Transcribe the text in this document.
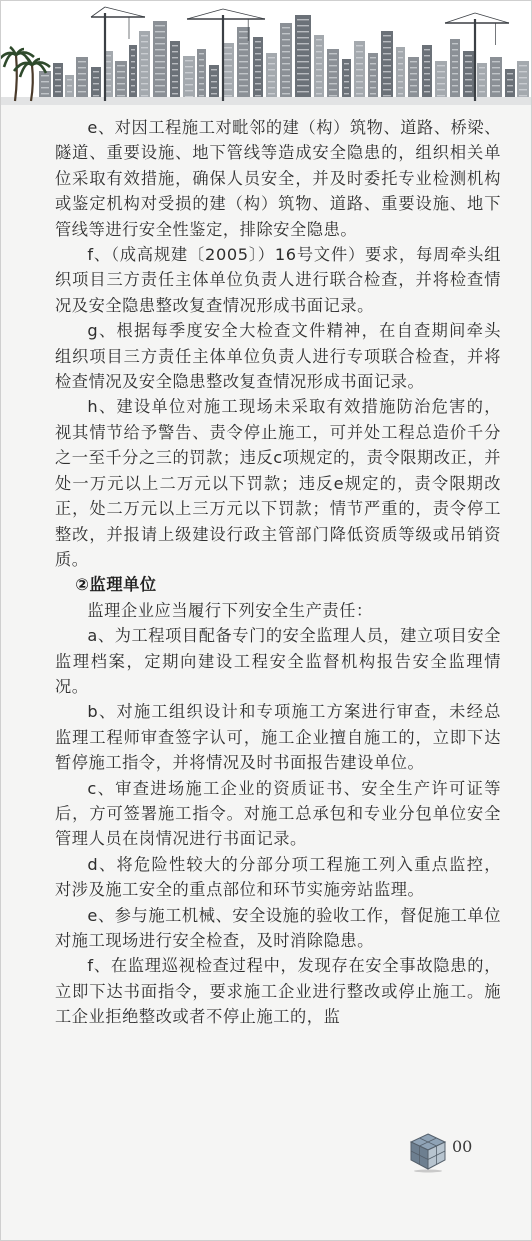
e、对因工程施工对毗邻的建（构）筑物、道路、桥梁、隧道、重要设施、地下管线等造成安全隐患的，组织相关单位采取有效措施，确保人员安全，并及时委托专业检测机构或鉴定机构对受损的建（构）筑物、道路、重要设施、地下管线等进行安全性鉴定，排除安全隐患。

f、（成高规建〔2005〕）16号文件）要求，每周牵头组织项目三方责任主体单位负责人进行联合检查，并将检查情况及安全隐患整改复查情况形成书面记录。

g、根据每季度安全大检查文件精神，在自查期间牵头组织项目三方责任主体单位负责人进行专项联合检查，并将检查情况及安全隐患整改复查情况形成书面记录。

h、建设单位对施工现场未采取有效措施防治危害的，视其情节给予警告、责令停止施工，可并处工程总造价千分之一至千分之三的罚款；违反c项规定的，责令限期改正，并处一万元以上二万元以下罚款；违反e规定的，责令限期改正，处二万元以上三万元以下罚款；情节严重的，责令停工整改，并报请上级建设行政主管部门降低资质等级或吊销资质。

②监理单位

监理企业应当履行下列安全生产责任：

a、为工程项目配备专门的安全监理人员，建立项目安全监理档案，定期向建设工程安全监督机构报告安全监理情况。

b、对施工组织设计和专项施工方案进行审查，未经总监理工程师审查签字认可，施工企业擅自施工的，立即下达暂停施工指令，并将情况及时书面报告建设单位。

c、审查进场施工企业的资质证书、安全生产许可证等后，方可签署施工指令。对施工总承包和专业分包单位安全管理人员在岗情况进行书面记录。

d、将危险性较大的分部分项工程施工列入重点监控，对涉及施工安全的重点部位和环节实施旁站监理。

e、参与施工机械、安全设施的验收工作，督促施工单位对施工现场进行安全检查，及时消除隐患。

f、在监理巡视检查过程中，发现存在安全事故隐患的，立即下达书面指令，要求施工企业进行整改或停止施工。施工企业拒绝整改或者不停止施工的，监

00
